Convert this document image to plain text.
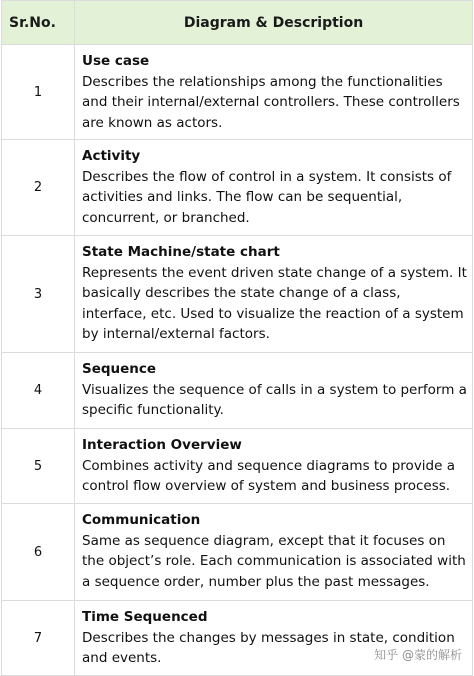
Sr.No.	Diagram & Description
1	Use case
Describes the relationships among the functionalities and their internal/external controllers. These controllers are known as actors.

2	Activity
Describes the flow of control in a system. It consists of activities and links. The flow can be sequential, concurrent, or branched.

3	State Machine/state chart
Represents the event driven state change of a system. It basically describes the state change of a class, interface, etc. Used to visualize the reaction of a system by internal/external factors.

4	Sequence
Visualizes the sequence of calls in a system to perform a specific functionality.

5	Interaction Overview
Combines activity and sequence diagrams to provide a control flow overview of system and business process.

6	Communication
Same as sequence diagram, except that it focuses on the object’s role. Each communication is associated with a sequence order, number plus the past messages.

7	Time Sequenced
Describes the changes by messages in state, condition and events.	知乎 @蒙的解析
